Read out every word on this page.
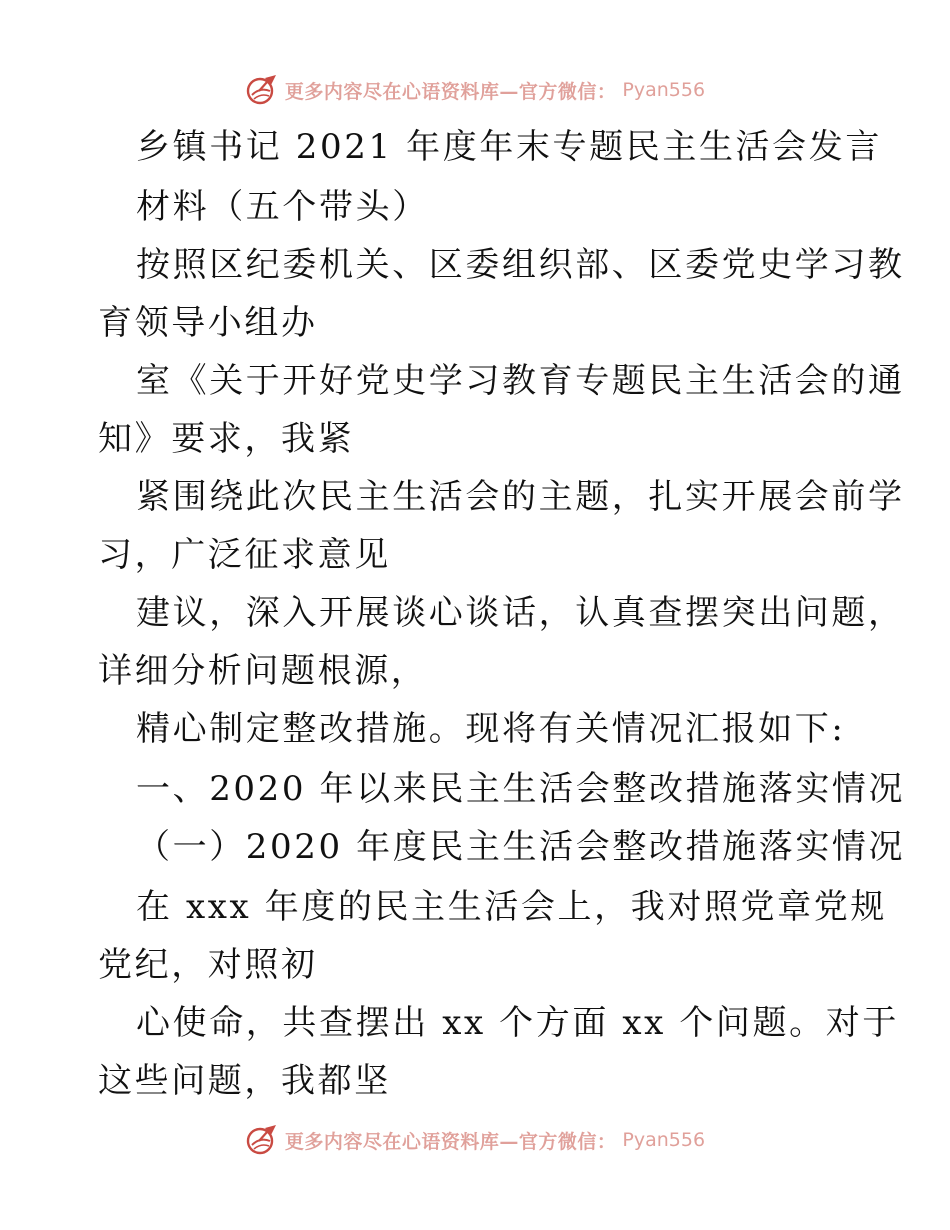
更多内容尽在心语资料库—官方微信： Pyan556
乡镇书记 2021 年度年末专题民主生活会发言
材料（五个带头）
按照区纪委机关、区委组织部、区委党史学习教
育领导小组办
室《关于开好党史学习教育专题民主生活会的通
知》要求，我紧
紧围绕此次民主生活会的主题，扎实开展会前学
习，广泛征求意见
建议，深入开展谈心谈话，认真查摆突出问题，
详细分析问题根源，
精心制定整改措施。现将有关情况汇报如下:
一、2020 年以来民主生活会整改措施落实情况
（一）2020 年度民主生活会整改措施落实情况
在 xxx 年度的民主生活会上，我对照党章党规
党纪，对照初
心使命，共查摆出 xx 个方面 xx 个问题。对于
这些问题，我都坚
更多内容尽在心语资料库—官方微信： Pyan556
